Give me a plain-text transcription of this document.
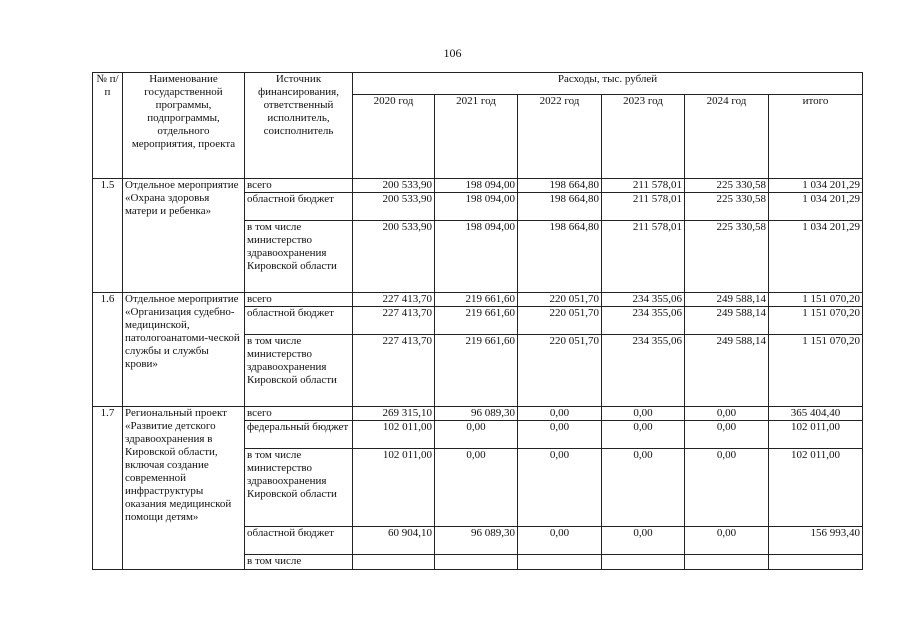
106
№ п/п	Наименование государственной программы, подпрограммы, отдельного мероприятия, проекта	Источник финансирования, ответственный исполнитель, соисполнитель	Расходы, тыс. рублей					
			2020 год	2021 год	2022 год	2023 год	2024 год	итого
1.5	Отдельное мероприятие «Охрана здоровья матери и ребенка»	всего	200 533,90	198 094,00	198 664,80	211 578,01	225 330,58	1 034 201,29
		областной бюджет	200 533,90	198 094,00	198 664,80	211 578,01	225 330,58	1 034 201,29
		в том числе министерство здравоохранения Кировской области	200 533,90	198 094,00	198 664,80	211 578,01	225 330,58	1 034 201,29
1.6	Отдельное мероприятие «Организация судебно-медицинской, патологоанатоми-ческой службы и службы крови»	всего	227 413,70	219 661,60	220 051,70	234 355,06	249 588,14	1 151 070,20
		областной бюджет	227 413,70	219 661,60	220 051,70	234 355,06	249 588,14	1 151 070,20
		в том числе министерство здравоохранения Кировской области	227 413,70	219 661,60	220 051,70	234 355,06	249 588,14	1 151 070,20
1.7	Региональный проект «Развитие детского здравоохранения в Кировской области, включая создание современной инфраструктуры оказания медицинской помощи детям»	всего	269 315,10	96 089,30	0,00	0,00	0,00	365 404,40
		федеральный бюджет	102 011,00	0,00	0,00	0,00	0,00	102 011,00
		в том числе министерство здравоохранения Кировской области	102 011,00	0,00	0,00	0,00	0,00	102 011,00
		областной бюджет	60 904,10	96 089,30	0,00	0,00	0,00	156 993,40
		в том числе						
